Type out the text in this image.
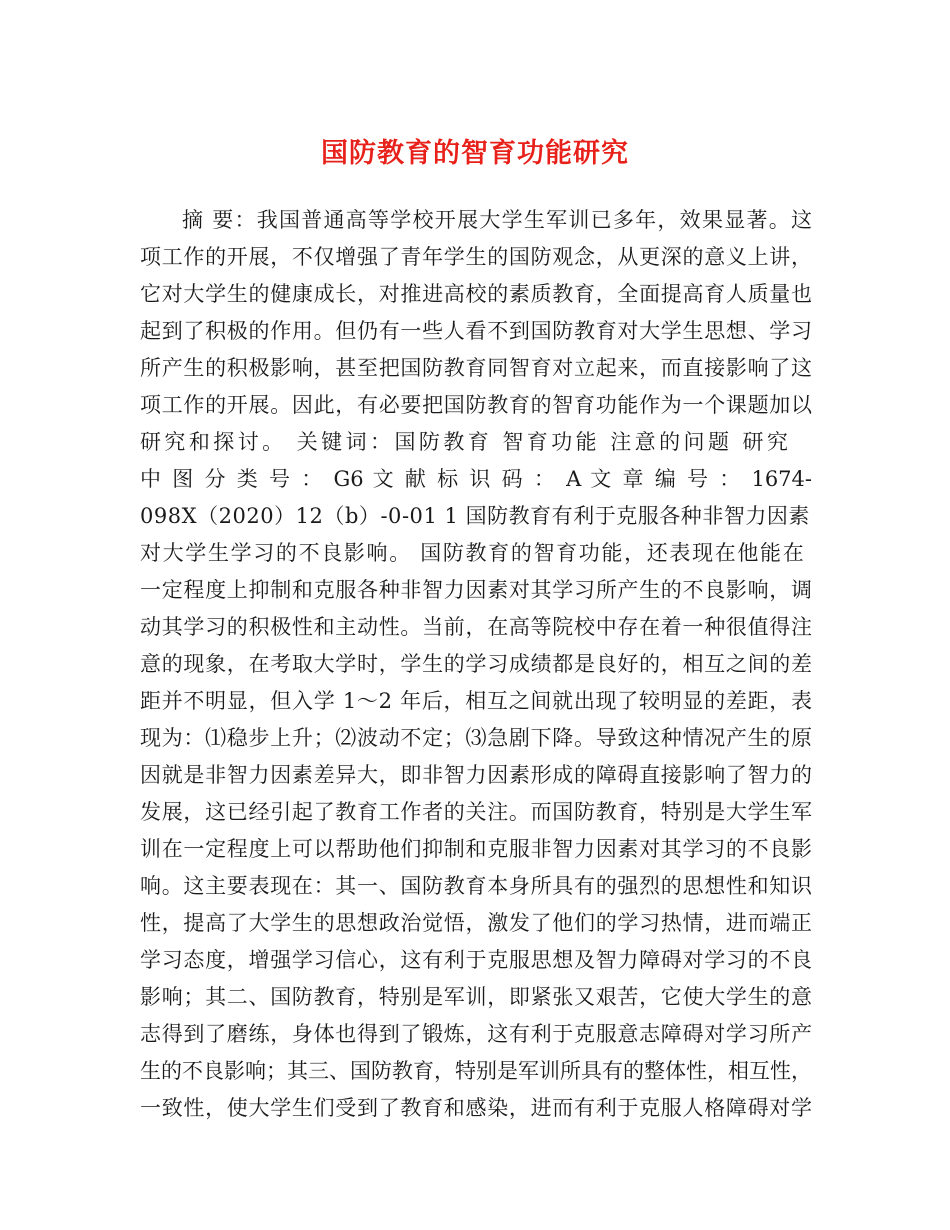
国防教育的智育功能研究
摘 要：我国普通高等学校开展大学生军训已多年，效果显著。这
项工作的开展，不仅增强了青年学生的国防观念，从更深的意义上讲，
它对大学生的健康成长，对推进高校的素质教育，全面提高育人质量也
起到了积极的作用。但仍有一些人看不到国防教育对大学生思想、学习
所产生的积极影响，甚至把国防教育同智育对立起来，而直接影响了这
项工作的开展。因此，有必要把国防教育的智育功能作为一个课题加以
研究和探讨。 关键词：国防教育 智育功能 注意的问题 研究
中 图 分 类 号 ： G6 文 献 标 识 码 ： A 文 章 编 号 ： 1674-
098X（2020）12（b）-0-01 1 国防教育有利于克服各种非智力因素
对大学生学习的不良影响。 国防教育的智育功能，还表现在他能在
一定程度上抑制和克服各种非智力因素对其学习所产生的不良影响，调
动其学习的积极性和主动性。当前，在高等院校中存在着一种很值得注
意的现象，在考取大学时，学生的学习成绩都是良好的，相互之间的差
距并不明显，但入学 1～2 年后，相互之间就出现了较明显的差距，表
现为：⑴稳步上升；⑵波动不定；⑶急剧下降。导致这种情况产生的原
因就是非智力因素差异大，即非智力因素形成的障碍直接影响了智力的
发展，这已经引起了教育工作者的关注。而国防教育，特别是大学生军
训在一定程度上可以帮助他们抑制和克服非智力因素对其学习的不良影
响。这主要表现在：其一、国防教育本身所具有的强烈的思想性和知识
性，提高了大学生的思想政治觉悟，激发了他们的学习热情，进而端正
学习态度，增强学习信心，这有利于克服思想及智力障碍对学习的不良
影响；其二、国防教育，特别是军训，即紧张又艰苦，它使大学生的意
志得到了磨练，身体也得到了锻炼，这有利于克服意志障碍对学习所产
生的不良影响；其三、国防教育，特别是军训所具有的整体性，相互性，
一致性，使大学生们受到了教育和感染，进而有利于克服人格障碍对学
